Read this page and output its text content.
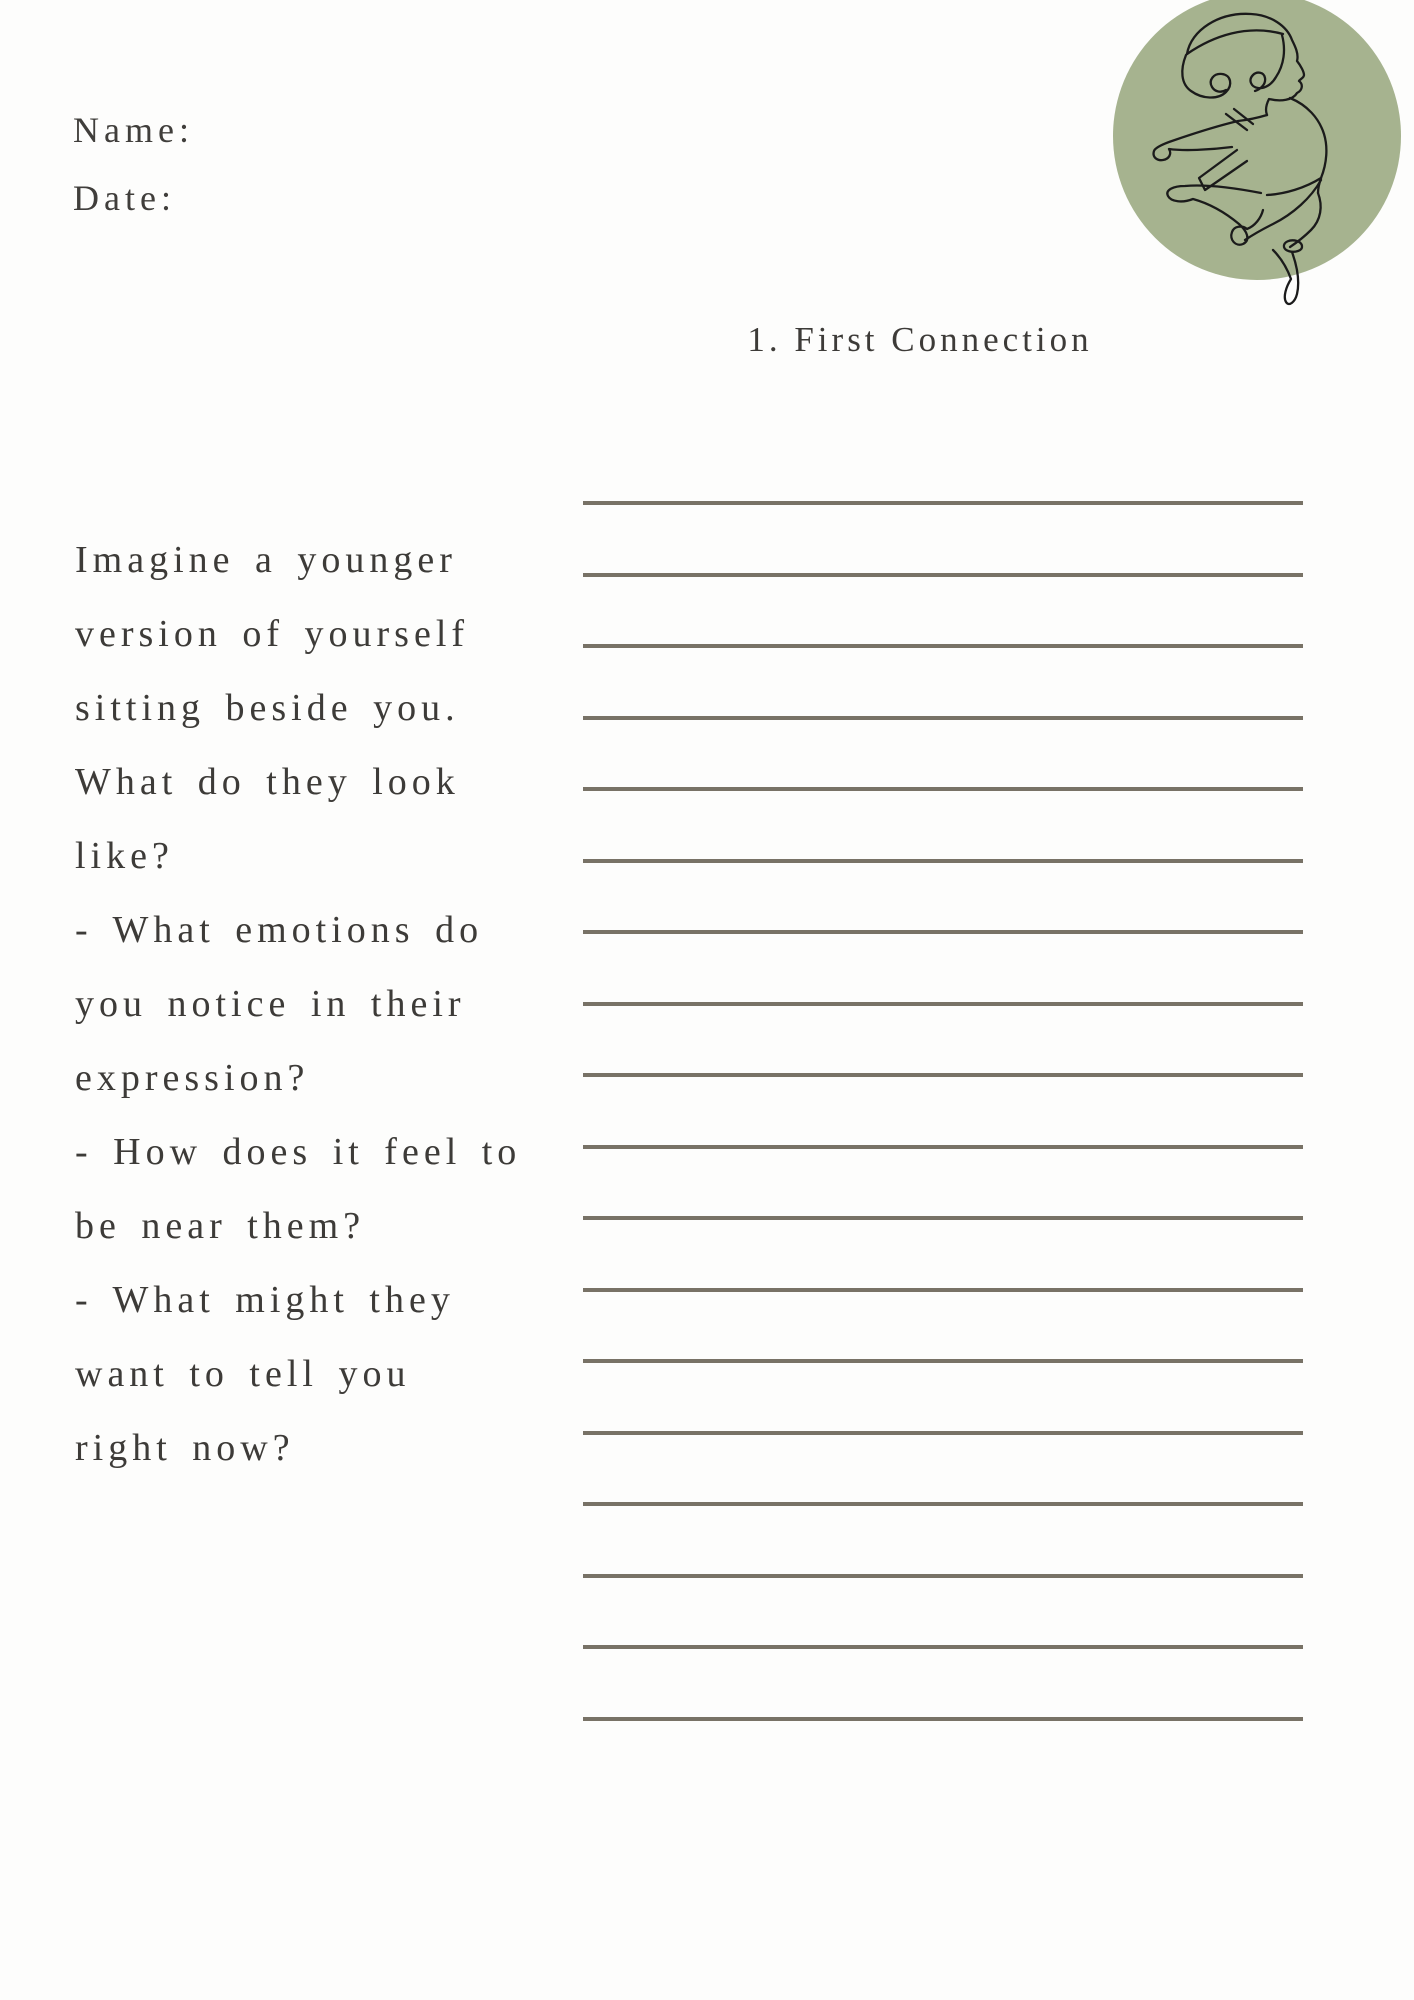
Name:
Date:
1. First Connection
Imagine a younger
version of yourself
sitting beside you.
What do they look
like?
- What emotions do
you notice in their
expression?
- How does it feel to
be near them?
- What might they
want to tell you
right now?
